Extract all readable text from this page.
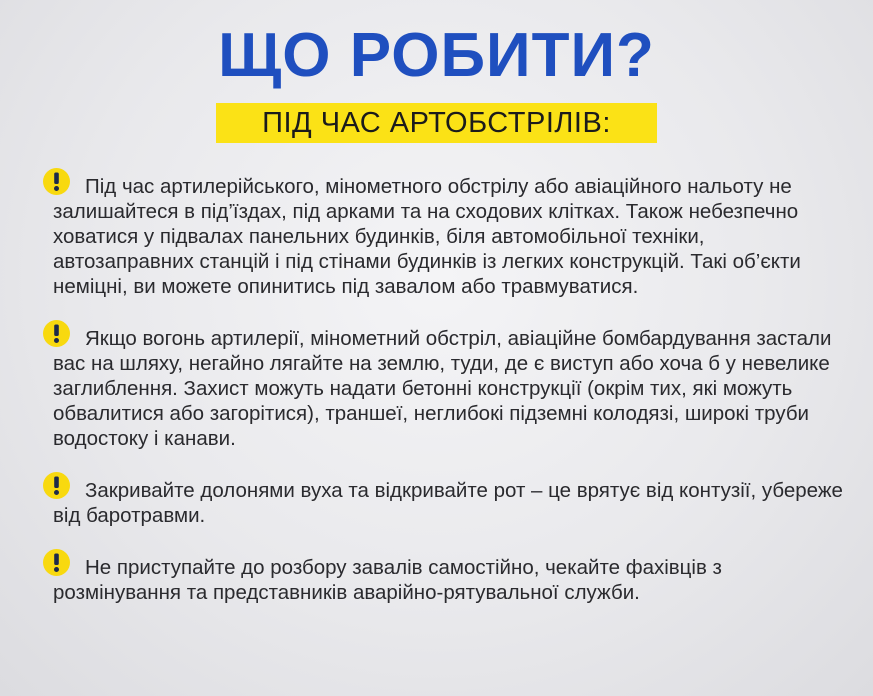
ЩО РОБИТИ?
ПІД ЧАС АРТОБСТРІЛІВ:

Під час артилерійського, мінометного обстрілу або авіаційного нальоту не залишайтеся в під’їздах, під арками та на сходових клітках. Також небезпечно ховатися у підвалах панельних будинків, біля автомобільної техніки, автозаправних станцій і під стінами будинків із легких конструкцій. Такі об’єкти неміцні, ви можете опинитись під завалом або травмуватися.

Якщо вогонь артилерії, мінометний обстріл, авіаційне бомбардування застали вас на шляху, негайно лягайте на землю, туди, де є виступ або хоча б у невелике заглиблення. Захист можуть надати бетонні конструкції (окрім тих, які можуть обвалитися або загорітися), траншеї, неглибокі підземні колодязі, широкі труби водостоку і канави.

Закривайте долонями вуха та відкривайте рот – це врятує від контузії, убереже від баротравми.

Не приступайте до розбору завалів самостійно, чекайте фахівців з розмінування та представників аварійно-рятувальної служби.
